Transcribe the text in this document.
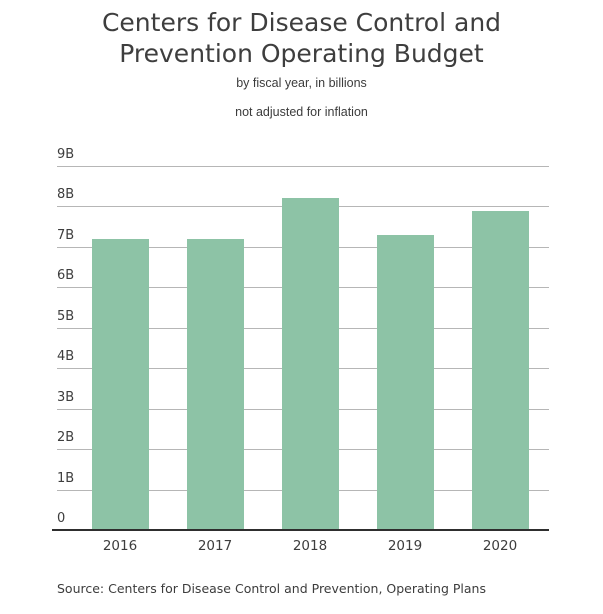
Centers for Disease Control and
Prevention Operating Budget
by fiscal year, in billions
not adjusted for inflation
0
1B
2B
3B
4B
5B
6B
7B
8B
9B
2016	2017	2018	2019	2020
Source: Centers for Disease Control and Prevention, Operating Plans
